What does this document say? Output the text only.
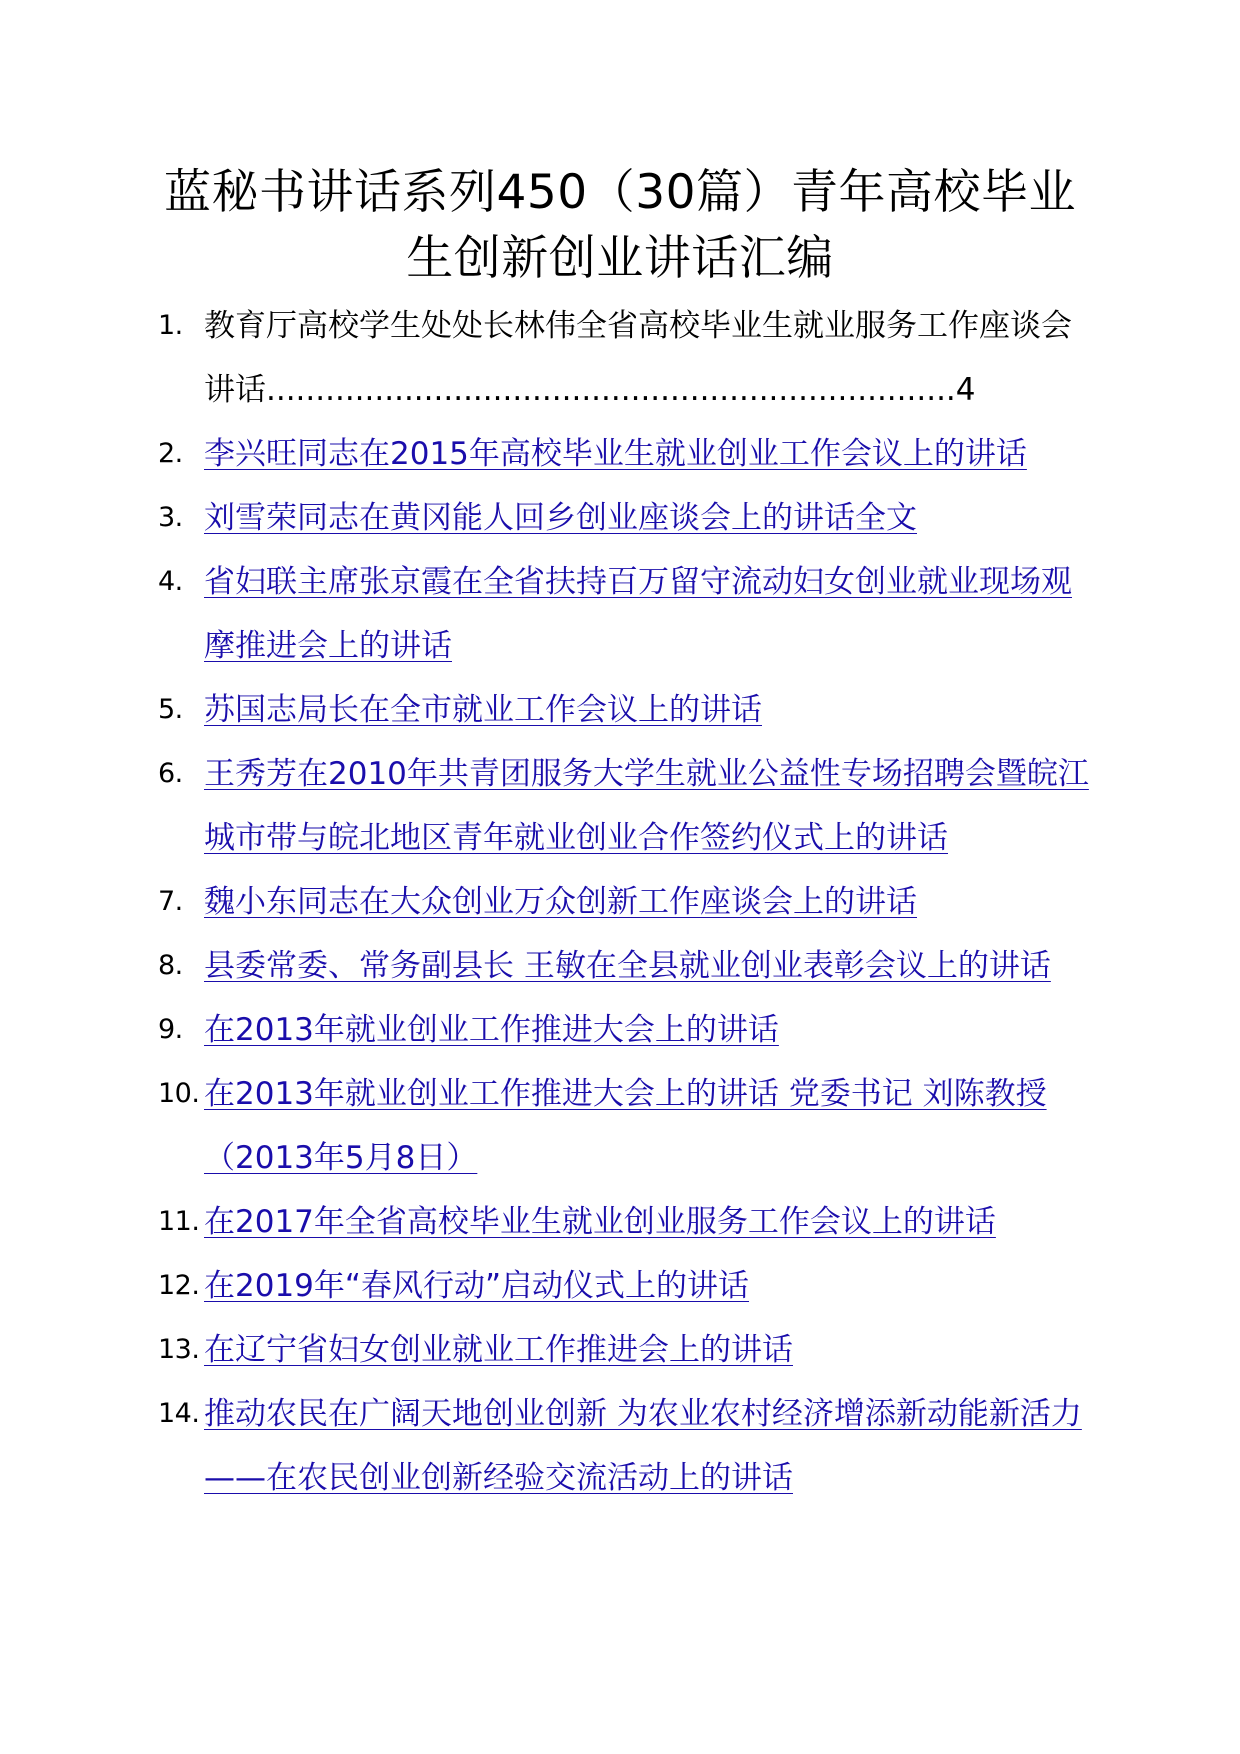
蓝秘书讲话系列450（30篇）青年高校毕业生创新创业讲话汇编
1. 教育厅高校学生处处长林伟全省高校毕业生就业服务工作座谈会讲话......................................................................4
2. 李兴旺同志在2015年高校毕业生就业创业工作会议上的讲话
3. 刘雪荣同志在黄冈能人回乡创业座谈会上的讲话全文
4. 省妇联主席张京霞在全省扶持百万留守流动妇女创业就业现场观摩推进会上的讲话
5. 苏国志局长在全市就业工作会议上的讲话
6. 王秀芳在2010年共青团服务大学生就业公益性专场招聘会暨皖江城市带与皖北地区青年就业创业合作签约仪式上的讲话
7. 魏小东同志在大众创业万众创新工作座谈会上的讲话
8. 县委常委、常务副县长 王敏在全县就业创业表彰会议上的讲话
9. 在2013年就业创业工作推进大会上的讲话
10. 在2013年就业创业工作推进大会上的讲话 党委书记 刘陈教授 （2013年5月8日）
11. 在2017年全省高校毕业生就业创业服务工作会议上的讲话
12. 在2019年“春风行动”启动仪式上的讲话
13. 在辽宁省妇女创业就业工作推进会上的讲话
14. 推动农民在广阔天地创业创新 为农业农村经济增添新动能新活力 ——在农民创业创新经验交流活动上的讲话
